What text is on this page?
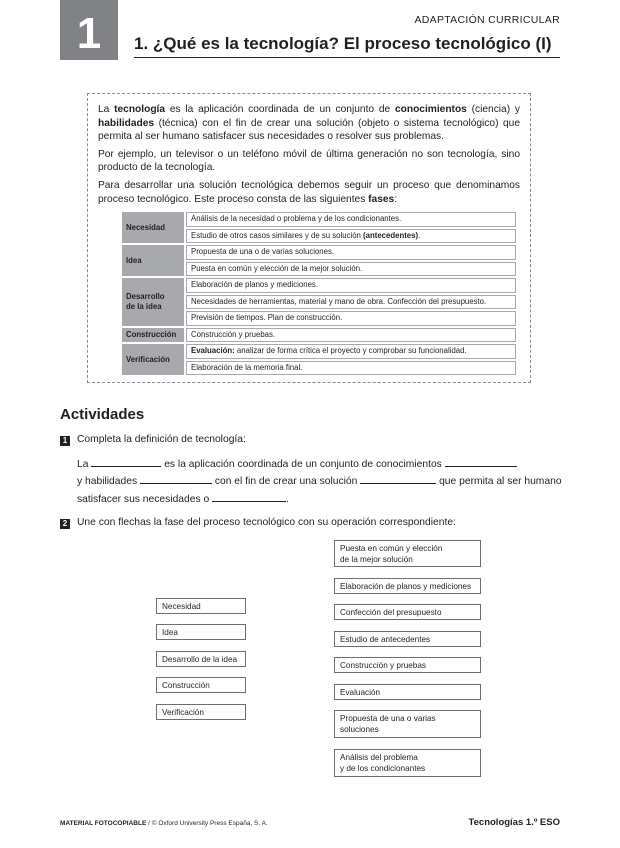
1	ADAPTACIÓN CURRICULAR
1. ¿Qué es la tecnología? El proceso tecnológico (I)

La tecnología es la aplicación coordinada de un conjunto de conocimientos (ciencia) y habilidades (técnica) con el fin de crear una solución (objeto o sistema tecnológico) que permita al ser humano satisfacer sus necesidades o resolver sus problemas.

Por ejemplo, un televisor o un teléfono móvil de última generación no son tecnología, sino producto de la tecnología.

Para desarrollar una solución tecnológica debemos seguir un proceso que denominamos proceso tecnológico. Este proceso consta de las siguientes fases:

Necesidad	Análisis de la necesidad o problema y de los condicionantes.
	Estudio de otros casos similares y de su solución (antecedentes).
Idea	Propuesta de una o de varias soluciones.
	Puesta en común y elección de la mejor solución.
Desarrollo
de la idea	Elaboración de planos y mediciones.
	Necesidades de herramientas, material y mano de obra. Confección del presupuesto.
	Previsión de tiempos. Plan de construcción.
Construcción	Construcción y pruebas.
Verificación	Evaluación: analizar de forma crítica el proyecto y comprobar su funcionalidad.
	Elaboración de la memoria final.
Actividades
1 Completa la definición de tecnología:
La	es la aplicación coordinada de un conjunto de conocimientos
y habilidades	con el fin de crear una solución	que permita al ser humano
satisfacer sus necesidades o	.
2 Une con flechas la fase del proceso tecnológico con su operación correspondiente:
Necesidad
Idea
Desarrollo de la idea
Construcción
Verificación
Puesta en común y elección
de la mejor solución
Elaboración de planos y mediciones
Confección del presupuesto
Estudio de antecedentes
Construcción y pruebas
Evaluación
Propuesta de una o varias
soluciones
Análisis del problema
y de los condicionantes
MATERIAL FOTOCOPIABLE / © Oxford University Press España, S. A.	Tecnologías 1.º ESO
